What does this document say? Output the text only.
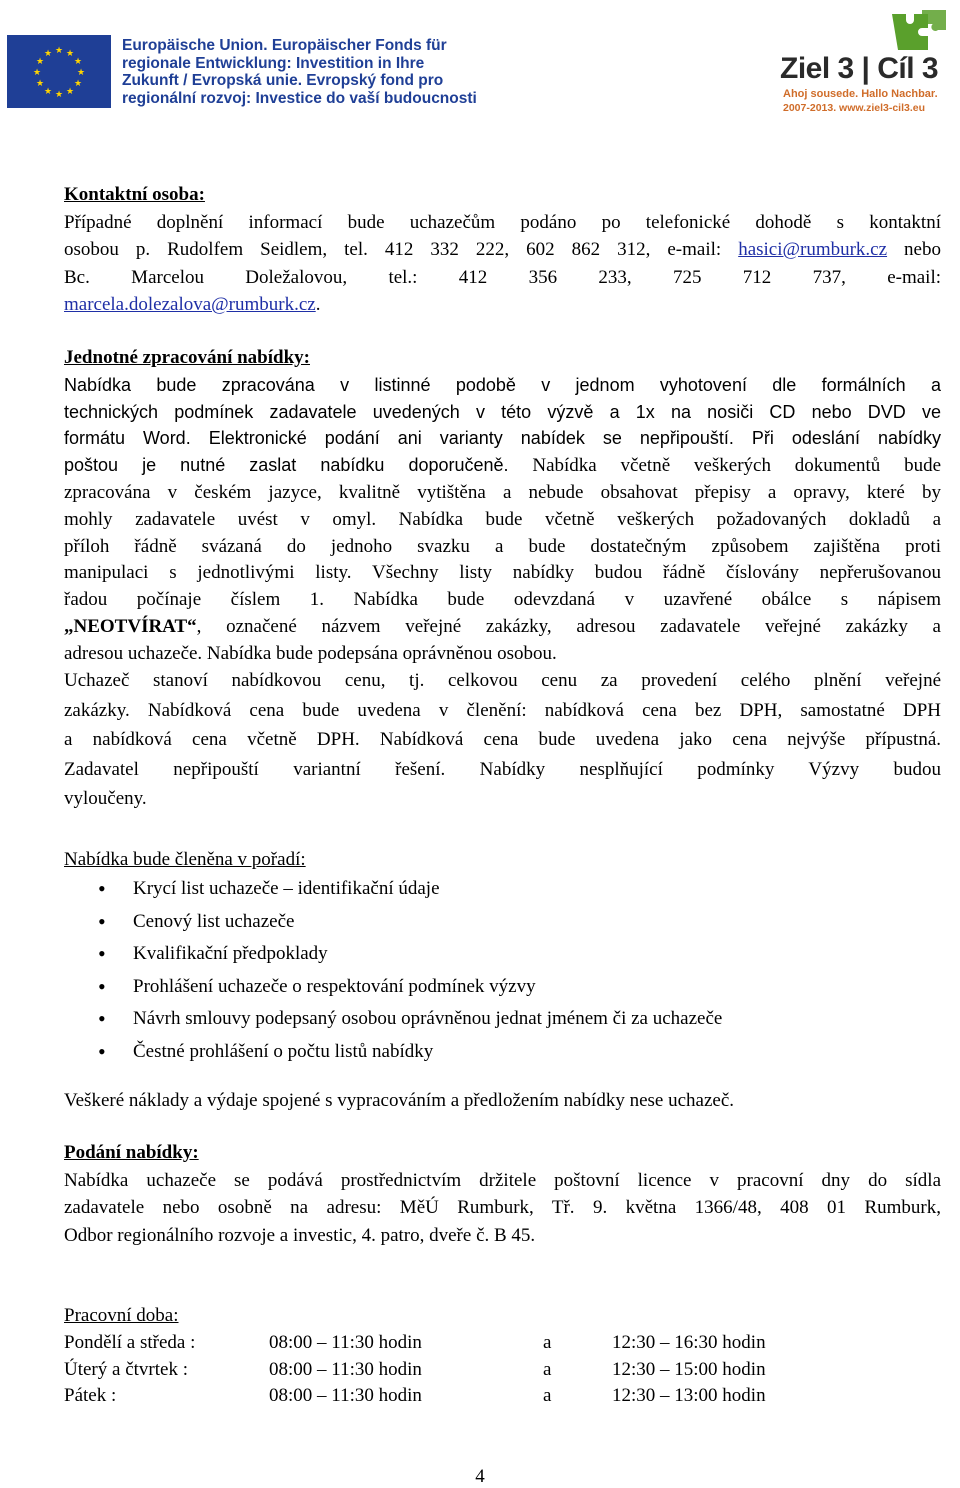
★ ★
★
★
★
★
★
★
★
★
★
★	Europäische Union. Europäischer Fonds für
regionale Entwicklung: Investition in Ihre
Zukunft / Evropská unie. Evropský fond pro
regionální rozvoj: Investice do vaší budoucnosti
Ziel 3 | Cíl 3
Ahoj sousede. Hallo Nachbar.
2007-2013. www.ziel3-cil3.eu

Kontaktní osoba:

Případné doplnění informací bude uchazečům podáno po telefonické dohodě s kontaktní

osobou p. Rudolfem Seidlem, tel. 412 332 222, 602 862 312, e-mail: hasici@rumburk.cz nebo

Bc. Marcelou Doležalovou, tel.: 412 356 233, 725 712 737, e-mail:

marcela.dolezalova@rumburk.cz.

Jednotné zpracování nabídky:

Nabídka bude zpracována v listinné podobě v jednom vyhotovení dle formálních a

technických podmínek zadavatele uvedených v této výzvě a 1x na nosiči CD nebo DVD ve

formátu Word. Elektronické podání ani varianty nabídek se nepřipouští. Při odeslání nabídky

poštou je nutné zaslat nabídku doporučeně. Nabídka včetně veškerých dokumentů bude

zpracována v českém jazyce, kvalitně vytištěna a nebude obsahovat přepisy a opravy, které by

mohly zadavatele uvést v omyl. Nabídka bude včetně veškerých požadovaných dokladů a

příloh řádně svázaná do jednoho svazku a bude dostatečným způsobem zajištěna proti

manipulaci s jednotlivými listy. Všechny listy nabídky budou řádně číslovány nepřerušovanou

řadou počínaje číslem 1. Nabídka bude odevzdaná v uzavřené obálce s nápisem

„NEOTVÍRAT“, označené názvem veřejné zakázky, adresou zadavatele veřejné zakázky a

adresou uchazeče. Nabídka bude podepsána oprávněnou osobou.

Uchazeč stanoví nabídkovou cenu, tj. celkovou cenu za provedení celého plnění veřejné

zakázky. Nabídková cena bude uvedena v členění: nabídková cena bez DPH, samostatné DPH

a nabídková cena včetně DPH. Nabídková cena bude uvedena jako cena nejvýše přípustná.

Zadavatel nepřipouští variantní řešení. Nabídky nesplňující podmínky Výzvy budou

vyloučeny.

Nabídka bude členěna v pořadí:

• Krycí list uchazeče – identifikační údaje
• Cenový list uchazeče
• Kvalifikační předpoklady
• Prohlášení uchazeče o respektování podmínek výzvy
• Návrh smlouvy podepsaný osobou oprávněnou jednat jménem či za uchazeče
• Čestné prohlášení o počtu listů nabídky

Veškeré náklady a výdaje spojené s vypracováním a předložením nabídky nese uchazeč.

Podání nabídky:

Nabídka uchazeče se podává prostřednictvím držitele poštovní licence v pracovní dny do sídla

zadavatele nebo osobně na adresu: MěÚ Rumburk, Tř. 9. května 1366/48, 408 01 Rumburk,

Odbor regionálního rozvoje a investic, 4. patro, dveře č. B 45.

Pracovní doba:

Pondělí a středa :	08:00 – 11:30 hodin	a	12:30 – 16:30 hodin
Úterý a čtvrtek :	08:00 – 11:30 hodin	a	12:30 – 15:00 hodin
Pátek :	08:00 – 11:30 hodin	a	12:30 – 13:00 hodin
4
